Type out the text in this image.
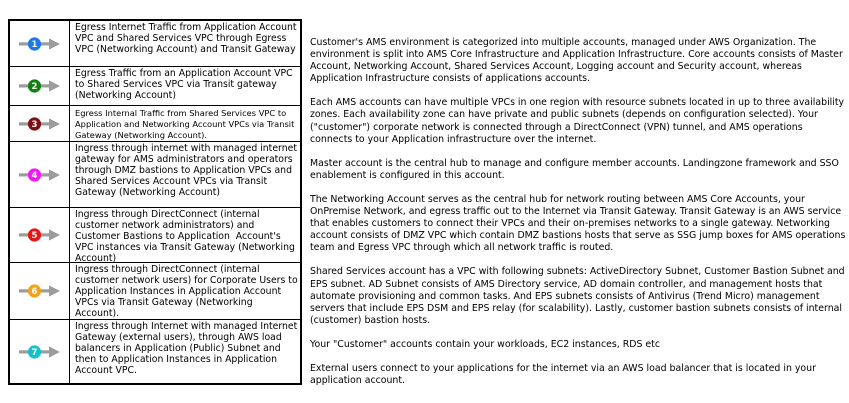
1
Egress Internet Traffic from Application Account VPC and Shared Services VPC through Egress VPC (Networking Account) and Transit Gateway
2
Egress Traffic from an Application Account VPC to Shared Services VPC via Transit gateway (Networking Account)
3
Egress Internal Traffic from Shared Services VPC to Application and Networking Account VPCs via Transit Gateway (Networking Account).
4
Ingress through internet with managed internet gateway for AMS administrators and operators through DMZ bastions to Application VPCs and Shared Services Account VPCs via Transit Gateway (Networking Account)
5
Ingress through DirectConnect (internal customer network administrators) and Customer Bastions to Application  Account's VPC instances via Transit Gateway (Networking Account)
6
Ingress through DirectConnect (internal customer network users) for Corporate Users to Application Instances in Application Account VPCs via Transit Gateway (Networking Account).
7
Ingress through Internet with managed Internet Gateway (external users), through AWS load balancers in Application (Public) Subnet and then to Application Instances in Application Account VPC.

Customer's AMS environment is categorized into multiple accounts, managed under AWS Organization. The environment is split into AMS Core Infrastructure and Application Infrastructure. Core accounts consists of Master Account, Networking Account, Shared Services Account, Logging account and Security account, whereas Application Infrastructure consists of applications accounts.

Each AMS accounts can have multiple VPCs in one region with resource subnets located in up to three availability zones. Each availability zone can have private and public subnets (depends on configuration selected). Your ("customer") corporate network is connected through a DirectConnect (VPN) tunnel, and AMS operations connects to your Application infrastructure over the internet.

Master account is the central hub to manage and configure member accounts. Landingzone framework and SSO enablement is configured in this account.

The Networking Account serves as the central hub for network routing between AMS Core Accounts, your OnPremise Network, and egress traffic out to the Internet via Transit Gateway. Transit Gateway is an AWS service that enables customers to connect their VPCs and their on-premises networks to a single gateway. Networking account consists of DMZ VPC which contain DMZ bastions hosts that serve as SSG jump boxes for AMS operations team and Egress VPC through which all network traffic is routed.

Shared Services account has a VPC with following subnets: ActiveDirectory Subnet, Customer Bastion Subnet and EPS subnet. AD Subnet consists of AMS Directory service, AD domain controller, and management hosts that automate provisioning and common tasks. And EPS subnets consists of Antivirus (Trend Micro) management servers that include EPS DSM and EPS relay (for scalability). Lastly, customer bastion subnets consists of internal (customer) bastion hosts.

Your "Customer" accounts contain your workloads, EC2 instances, RDS etc

External users connect to your applications for the internet via an AWS load balancer that is located in your application account.
